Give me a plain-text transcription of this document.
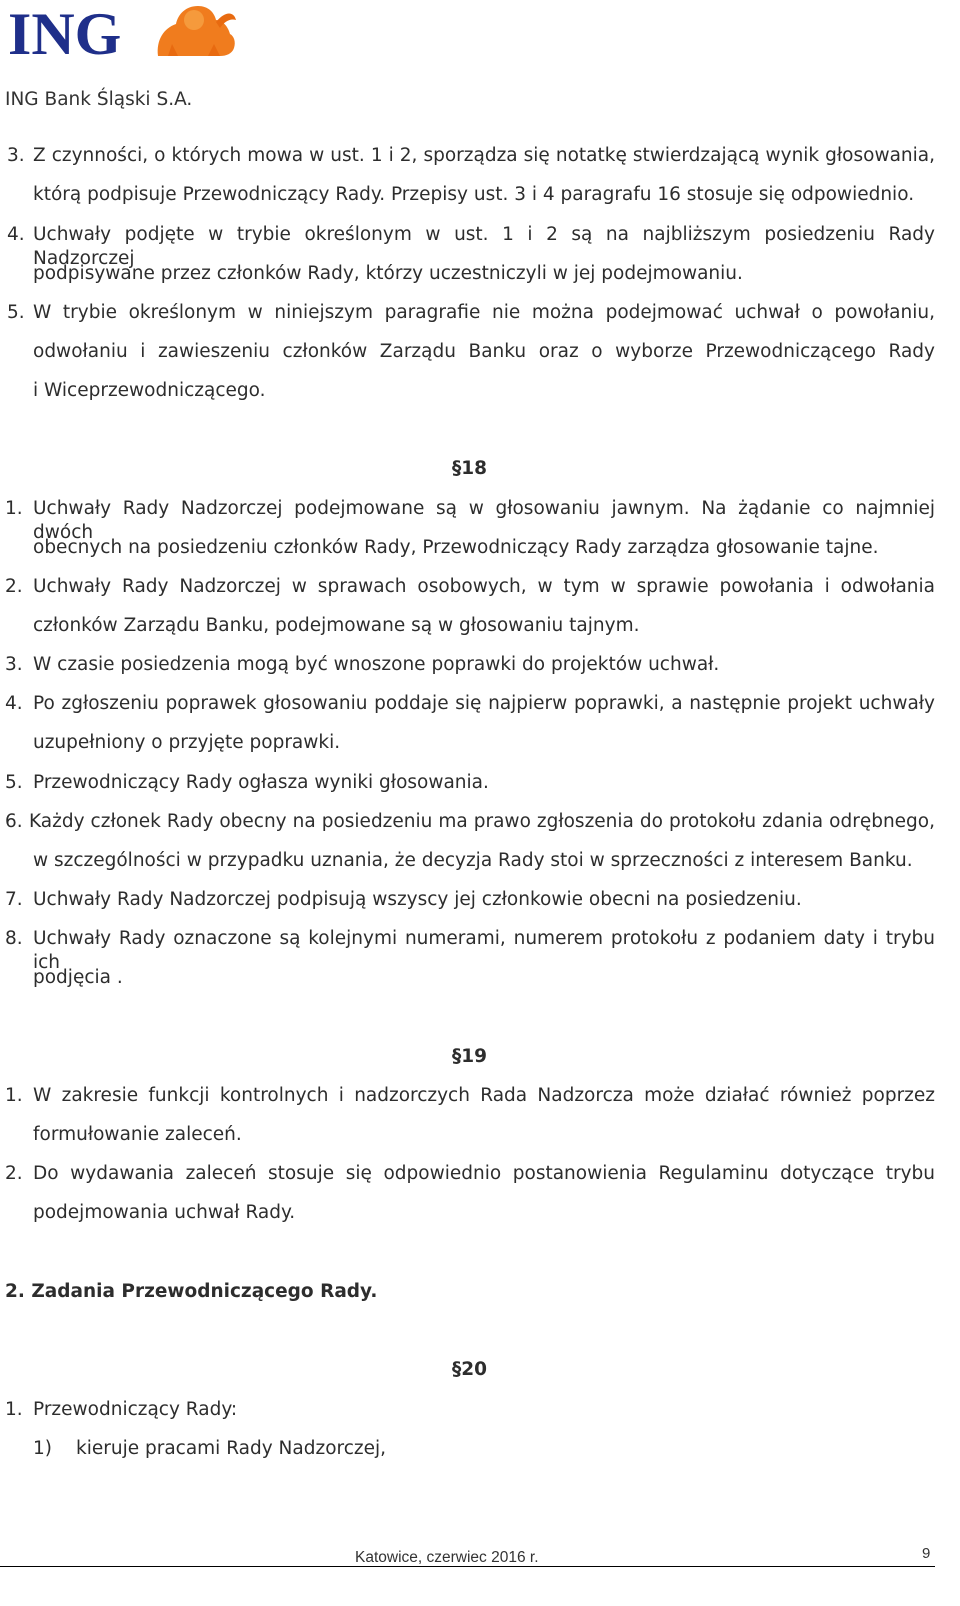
ING
ING Bank Śląski S.A.
3. Z czynności, o których mowa w ust. 1 i 2, sporządza się notatkę stwierdzającą wynik głosowania,
którą podpisuje Przewodniczący Rady. Przepisy ust. 3 i 4 paragrafu 16 stosuje się odpowiednio.
4. Uchwały podjęte w trybie określonym w ust. 1 i 2 są na najbliższym posiedzeniu Rady Nadzorczej
podpisywane przez członków Rady, którzy uczestniczyli w jej podejmowaniu.
5. W trybie określonym w niniejszym paragrafie nie można podejmować uchwał o powołaniu,
odwołaniu i zawieszeniu członków Zarządu Banku oraz o wyborze Przewodniczącego Rady
i Wiceprzewodniczącego.
§18
1. Uchwały Rady Nadzorczej podejmowane są w głosowaniu jawnym. Na żądanie co najmniej dwóch
obecnych na posiedzeniu członków Rady, Przewodniczący Rady zarządza głosowanie tajne.
2. Uchwały Rady Nadzorczej w sprawach osobowych, w tym w sprawie powołania i odwołania
członków Zarządu Banku, podejmowane są w głosowaniu tajnym.
3. W czasie posiedzenia mogą być wnoszone poprawki do projektów uchwał.
4. Po zgłoszeniu poprawek głosowaniu poddaje się najpierw poprawki, a następnie projekt uchwały
uzupełniony o przyjęte poprawki.
5. Przewodniczący Rady ogłasza wyniki głosowania.
6. Każdy członek Rady obecny na posiedzeniu ma prawo zgłoszenia do protokołu zdania odrębnego,
w szczególności w przypadku uznania, że decyzja Rady stoi w sprzeczności z interesem Banku.
7. Uchwały Rady Nadzorczej podpisują wszyscy jej członkowie obecni na posiedzeniu.
8. Uchwały Rady oznaczone są kolejnymi numerami, numerem protokołu z podaniem daty i trybu ich
podjęcia .
§19
1. W zakresie funkcji kontrolnych i nadzorczych Rada Nadzorcza może działać również poprzez
formułowanie zaleceń.
2. Do wydawania zaleceń stosuje się odpowiednio postanowienia Regulaminu dotyczące trybu
podejmowania uchwał Rady.
2. Zadania Przewodniczącego Rady.
§20
1. Przewodniczący Rady:
1) kieruje pracami Rady Nadzorczej,
Katowice, czerwiec 2016 r.	9
